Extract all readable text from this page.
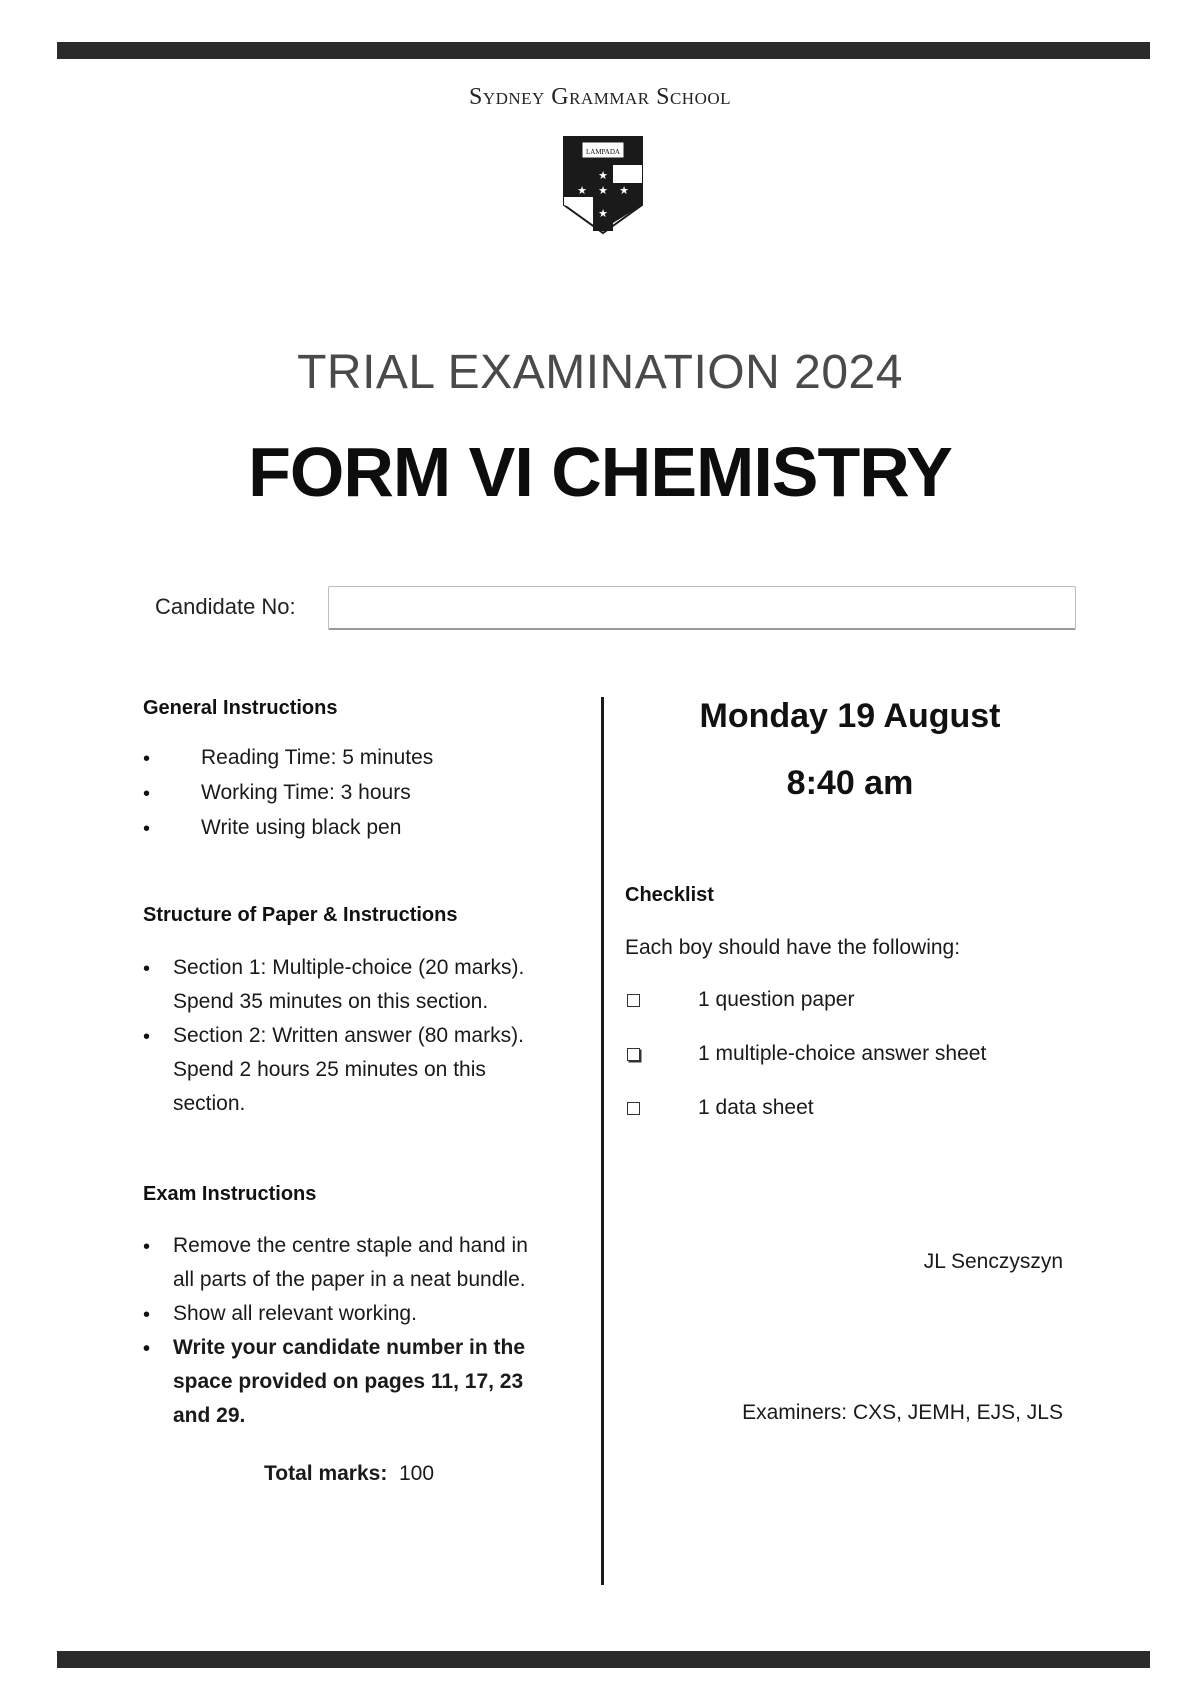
Sydney Grammar School
LAMPADA
★
★ ★ ★
★
TRIAL EXAMINATION 2024
FORM VI CHEMISTRY
Candidate No:
General Instructions
• Reading Time: 5 minutes
• Working Time: 3 hours
• Write using black pen
Structure of Paper & Instructions
• Section 1: Multiple-choice (20 marks).
Spend 35 minutes on this section.
• Section 2: Written answer (80 marks).
Spend 2 hours 25 minutes on this
section.
Exam Instructions
• Remove the centre staple and hand in
all parts of the paper in a neat bundle.
• Show all relevant working.
• Write your candidate number in the
space provided on pages 11, 17, 23
and 29.
Total marks: 100
Monday 19 August
8:40 am
Checklist
Each boy should have the following:
1 question paper
1 multiple-choice answer sheet
1 data sheet
JL Senczyszyn
Examiners: CXS, JEMH, EJS, JLS
